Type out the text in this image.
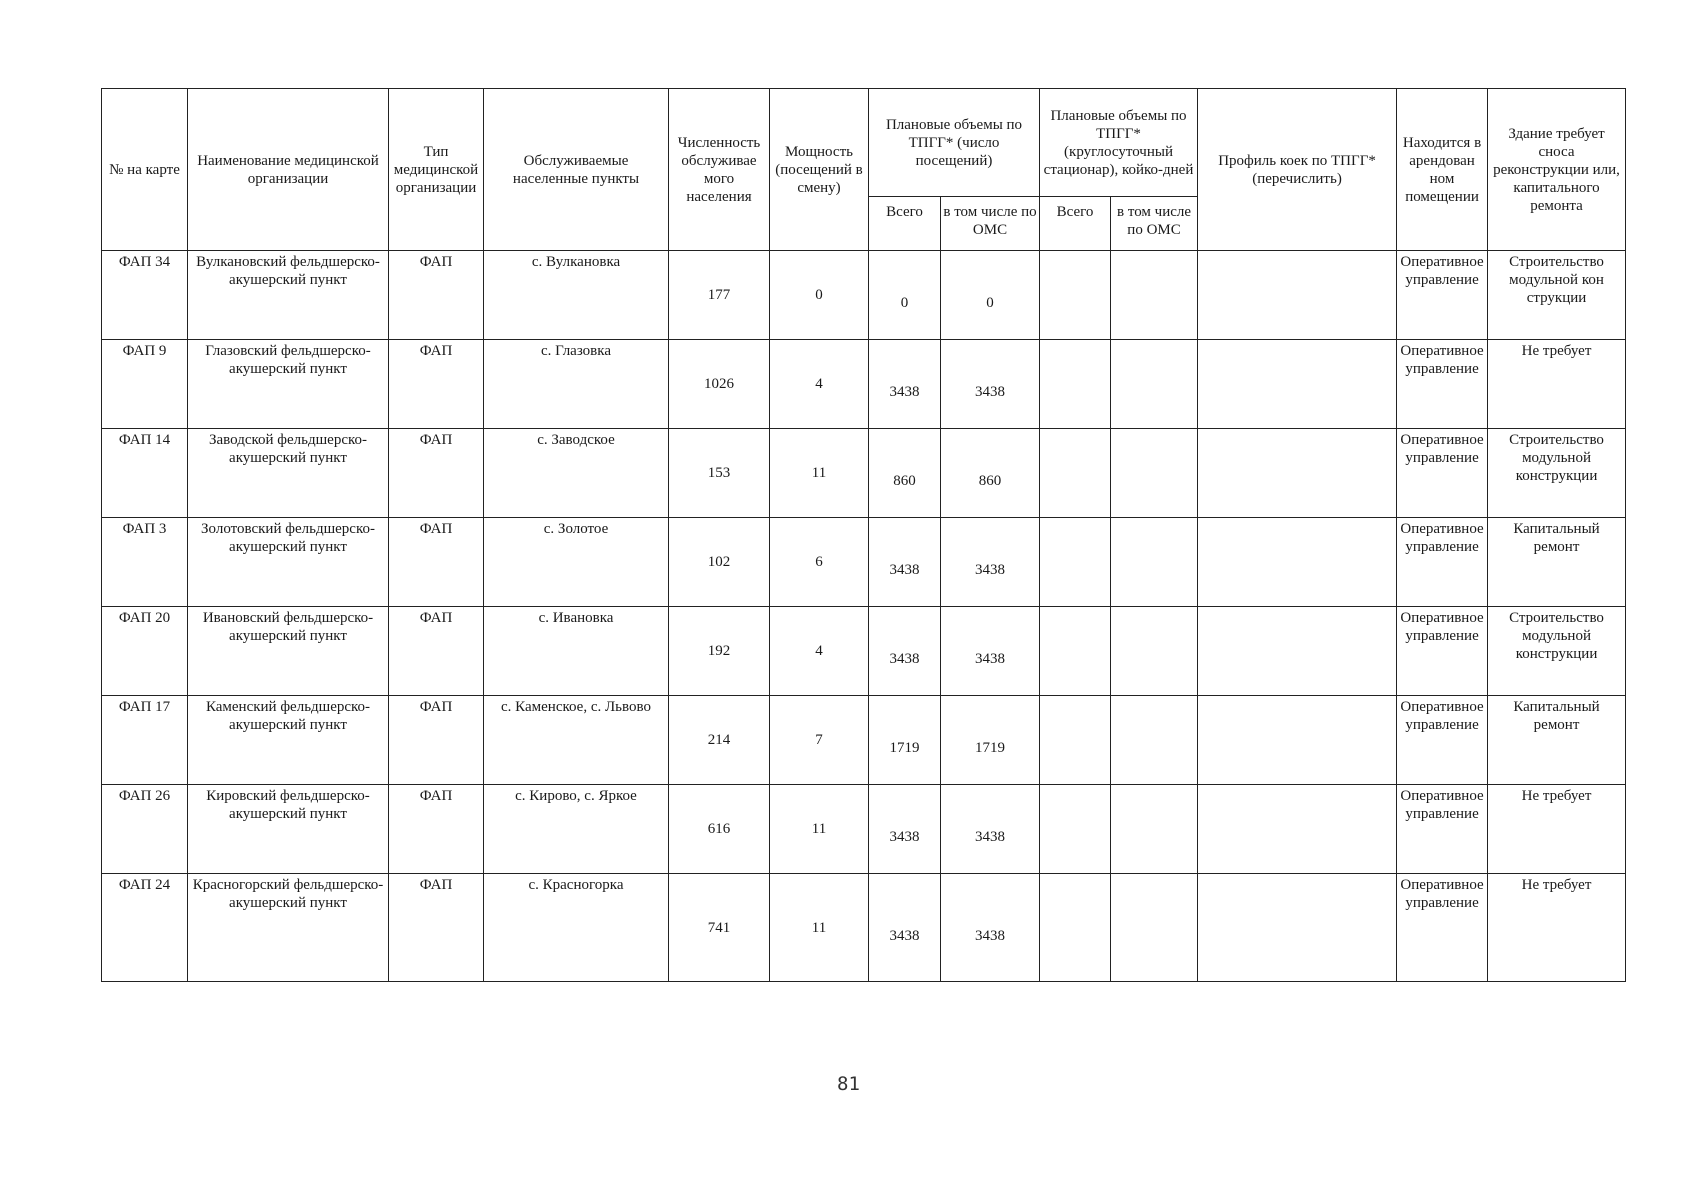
№ на карте	Наименование медицинской организации	Тип медицинской организации	Обслуживаемые населенные пункты	Численность обслуживае мого населения	Мощность (посещений в смену)	Плановые объемы по ТПГГ* (число посещений)		Плановые объемы по ТПГГ* (круглосуточный стационар), койко-дней		Профиль коек по ТПГГ* (перечислить)	Находится в арендован ном помещении	Здание требует сноса реконструкции или, капитального ремонта
						Всего	в том числе по ОМС	Всего	в том числе по ОМС			
ФАП 34	Вулкановский фельдшерско-акушерский пункт	ФАП	с. Вулкановка	177	0	0	0				Оперативное управление	Строительство модульной кон струкции
ФАП 9	Глазовский фельдшерско-акушерский пункт	ФАП	с. Глазовка	1026	4	3438	3438				Оперативное управление	Не требует
ФАП 14	Заводской фельдшерско-акушерский пункт	ФАП	с. Заводское	153	11	860	860				Оперативное управление	Строительство модульной конструкции
ФАП 3	Золотовский фельдшерско-акушерский пункт	ФАП	с. Золотое	102	6	3438	3438				Оперативное управление	Капитальный ремонт
ФАП 20	Ивановский фельдшерско-акушерский пункт	ФАП	с. Ивановка	192	4	3438	3438				Оперативное управление	Строительство модульной конструкции
ФАП 17	Каменский фельдшерско-акушерский пункт	ФАП	с. Каменское, с. Львово	214	7	1719	1719				Оперативное управление	Капитальный ремонт
ФАП 26	Кировский фельдшерско-акушерский пункт	ФАП	с. Кирово, с. Яркое	616	11	3438	3438				Оперативное управление	Не требует
ФАП 24	Красногорский фельдшерско-акушерский пункт	ФАП	с. Красногорка	741	11	3438	3438				Оперативное управление	Не требует
81
